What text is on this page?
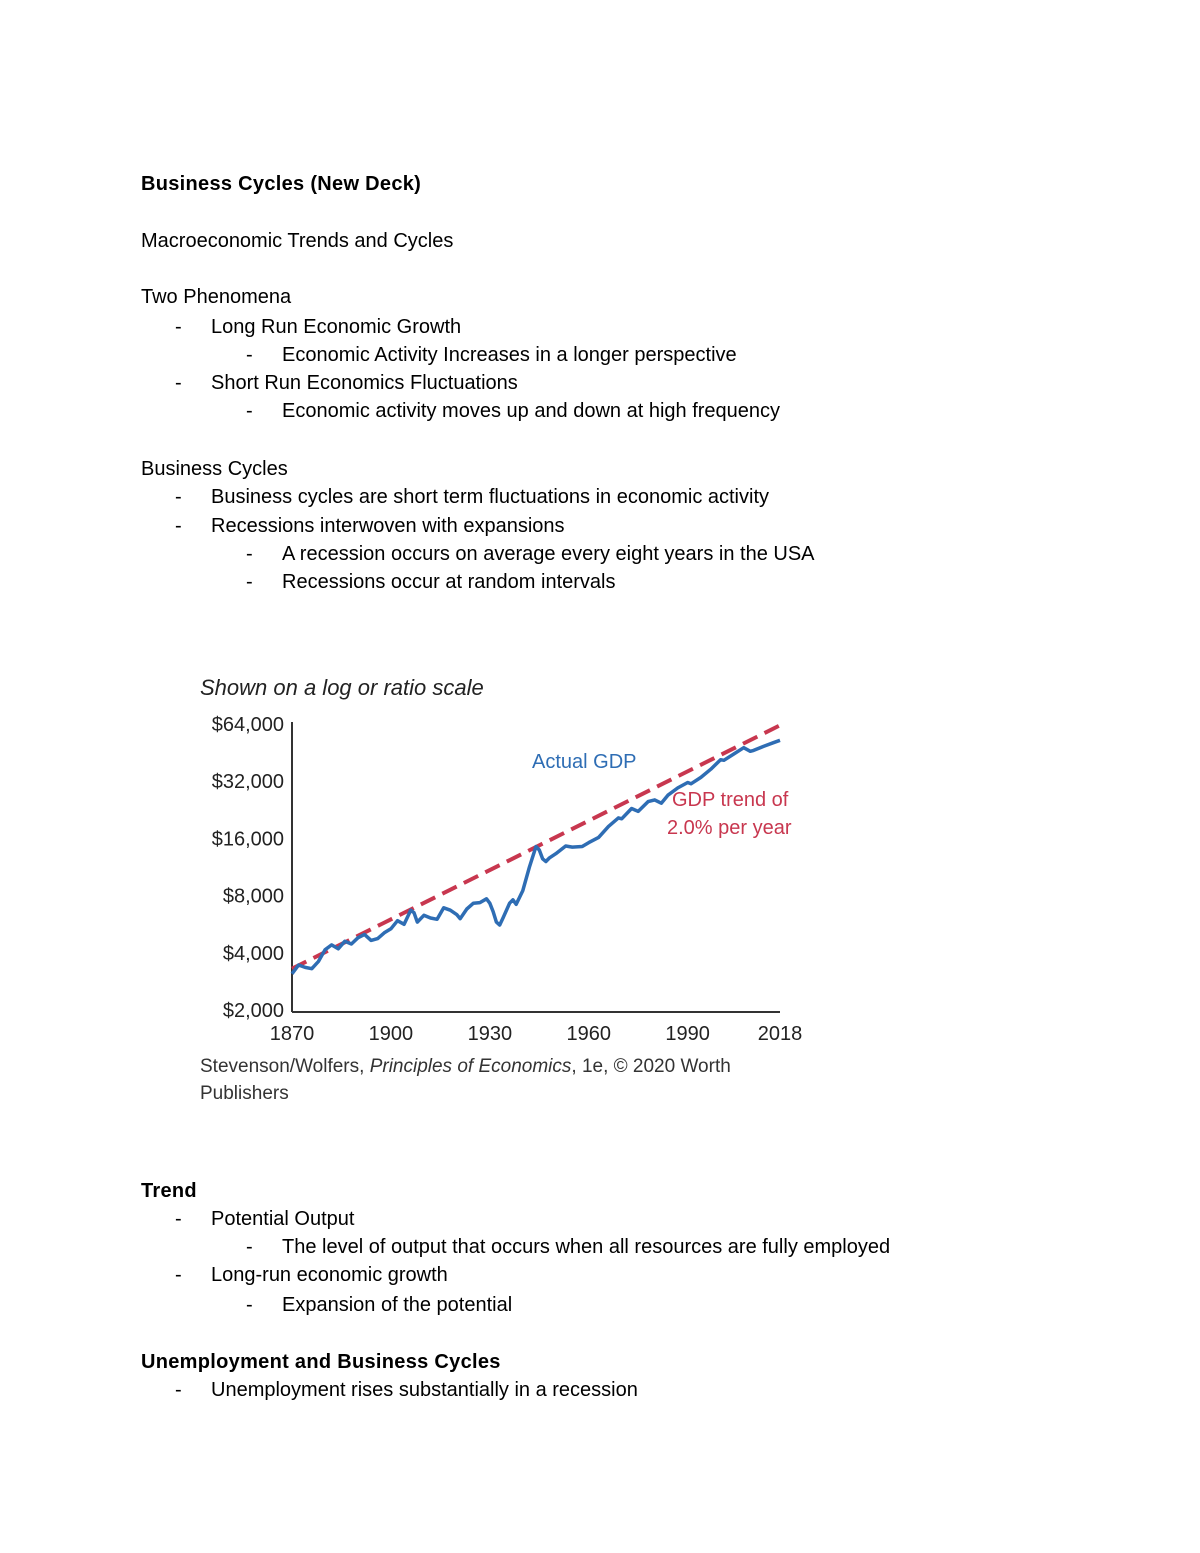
Business Cycles (New Deck)
Macroeconomic Trends and Cycles
Two Phenomena
- Long Run Economic Growth
- Economic Activity Increases in a longer perspective
- Short Run Economics Fluctuations
- Economic activity moves up and down at high frequency
Business Cycles
- Business cycles are short term fluctuations in economic activity
- Recessions interwoven with expansions
- A recession occurs on average every eight years in the USA
- Recessions occur at random intervals
Shown on a log or ratio scale
$2,000
$4,000
$8,000
$16,000
$32,000
$64,000
1870	1900	1930	1960	1990 2018
Actual GDP
GDP trend of
2.0% per year
Stevenson/Wolfers, Principles of Economics, 1e, © 2020 Worth
Publishers
Trend
- Potential Output
- The level of output that occurs when all resources are fully employed
- Long-run economic growth
- Expansion of the potential
Unemployment and Business Cycles
- Unemployment rises substantially in a recession
